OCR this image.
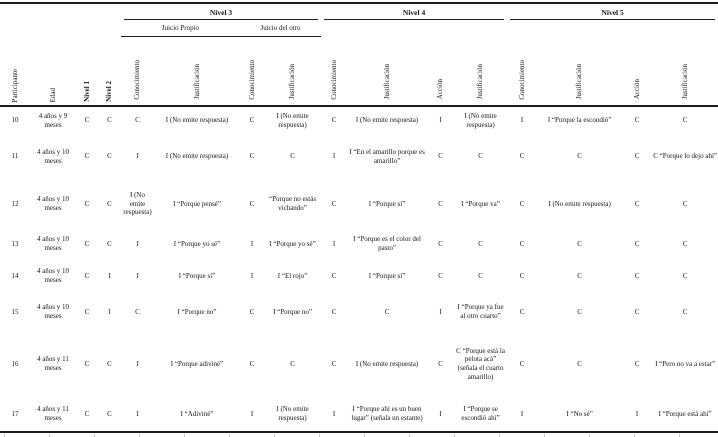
Participante	Edad	Nivel 1	Nivel 2	Nivel 3				Nivel 4				Nivel 5			

				Juicio Propio		Juicio del otro									
				Conocimiento	Justificación	Conocimiento	Justificación	Conocimiento	Justificación	Acción	Justificación	Conocimiento	Justificación	Acción	Justificación
10	4 años y 9 meses	C	C	C	I (No emite respuesta)	C	I (No emite respuesta)	C	I (No emite respuesta)	I	I (No emite respuesta)	I	I “Porque la escondió”	C	C
11	4 años y 10 meses	C	C	I	I (No emite respuesta)	C	C	I	I “En el amarillo porque es amarillo”	C	C	C	C	C	C “Porque lo dejo ahí”
12	4 años y 10 meses	C	C	I (No emite respuesta)	I “Porque pensé”	C	“Porque no estás vichando”	C	I “Porque sí”	C	I “Porque va”	C	I (No emite respuesta)	C	C
13	4 años y 10 meses	C	C	I	I “Porque yo sé”	I	I “Porque yo sé”	I	I “Porque es el color del pasto”	C	C	C	C	C	C
14	4 años y 10 meses	C	I	I	I “Porque sí”	I	I “El rojo”	C	I “Porque sí”	C	C	C	C	C	C
15	4 años y 10 meses	C	I	C	I “Porque no”	C	I “Porque no”	C	C	I	I “Porque ya fue al otro cuarto”	C	C	C	C
16	4 años y 11 meses	C	C	I	I “Porque adiviné”	C	C	C	I (No emite respuesta)	C	C “Porque está la pelota acá” (señala el cuarto amarillo)	C	C	C	I “Pero no va a estar”
17	4 años y 11 meses	C	C	I	I “Adiviné”	I	I (No emite respuesta)	I	I “Porque ahí es un buen lugar” (señala un estante)	I	I “Porque se escondió ahí”	I	I “No sé”	I	I “Porque está ahí”
